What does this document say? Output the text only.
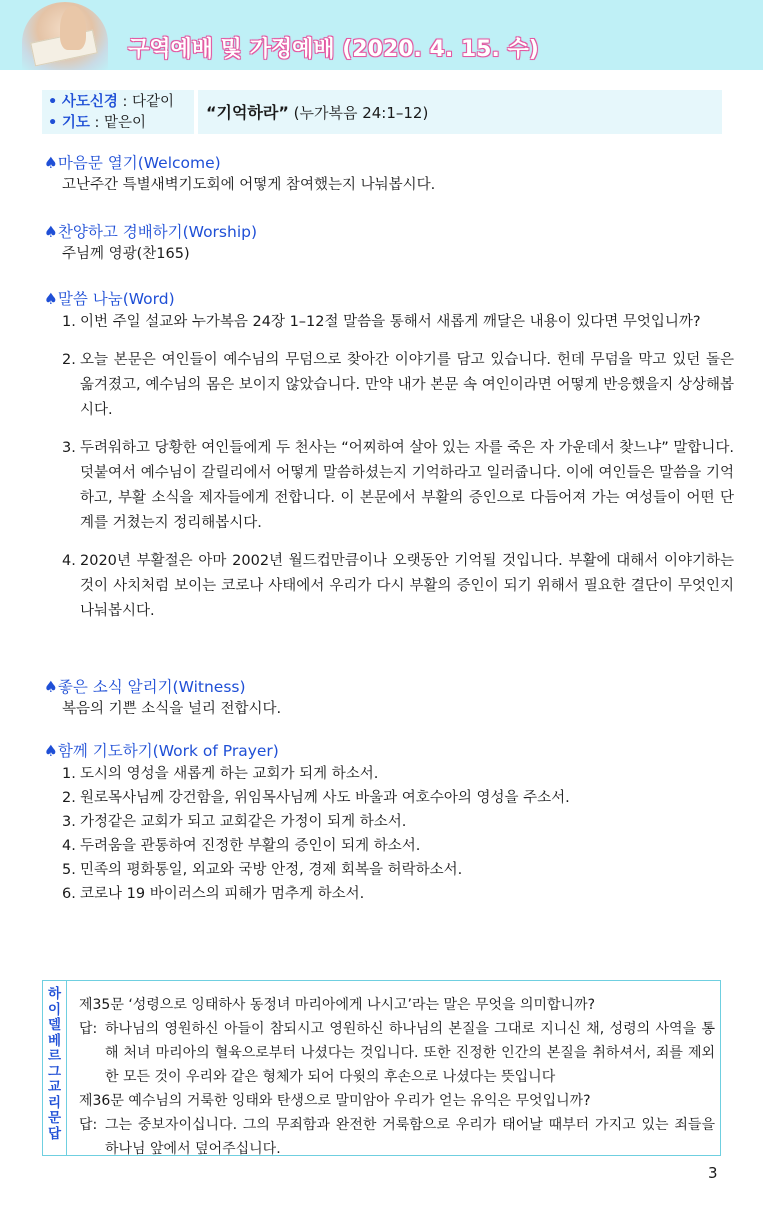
구역예배 및 가정예배 (2020. 4. 15. 수)
• 사도신경 : 다같이
• 기도 : 맡은이
“기억하라” (누가복음 24:1–12)
♠마음문 열기(Welcome)
고난주간 특별새벽기도회에 어떻게 참여했는지 나눠봅시다.
♠찬양하고 경배하기(Worship)
주님께 영광(찬165)
♠말씀 나눔(Word)
1. 이번 주일 설교와 누가복음 24장 1–12절 말씀을 통해서 새롭게 깨달은 내용이 있다면 무엇입니까?
2. 오늘 본문은 여인들이 예수님의 무덤으로 찾아간 이야기를 담고 있습니다. 헌데 무덤을 막고 있던 돌은 옮겨졌고, 예수님의 몸은 보이지 않았습니다. 만약 내가 본문 속 여인이라면 어떻게 반응했을지 상상해봅시다.
3. 두려워하고 당황한 여인들에게 두 천사는 “어찌하여 살아 있는 자를 죽은 자 가운데서 찾느냐” 말합니다. 덧붙여서 예수님이 갈릴리에서 어떻게 말씀하셨는지 기억하라고 일러줍니다. 이에 여인들은 말씀을 기억하고, 부활 소식을 제자들에게 전합니다. 이 본문에서 부활의 증인으로 다듬어져 가는 여성들이 어떤 단계를 거쳤는지 정리해봅시다.
4. 2020년 부활절은 아마 2002년 월드컵만큼이나 오랫동안 기억될 것입니다. 부활에 대해서 이야기하는 것이 사치처럼 보이는 코로나 사태에서 우리가 다시 부활의 증인이 되기 위해서 필요한 결단이 무엇인지 나눠봅시다.
♠좋은 소식 알리기(Witness)
복음의 기쁜 소식을 널리 전합시다.
♠함께 기도하기(Work of Prayer)
1. 도시의 영성을 새롭게 하는 교회가 되게 하소서.
2. 원로목사님께 강건함을, 위임목사님께 사도 바울과 여호수아의 영성을 주소서.
3. 가정같은 교회가 되고 교회같은 가정이 되게 하소서.
4. 두려움을 관통하여 진정한 부활의 증인이 되게 하소서.
5. 민족의 평화통일, 외교와 국방 안정, 경제 회복을 허락하소서.
6. 코로나 19 바이러스의 피해가 멈추게 하소서.
하
이
델
베
르
그
교
리
문
답
제35문 ‘성령으로 잉태하사 동정녀 마리아에게 나시고’라는 말은 무엇을 의미합니까?
답: 하나님의 영원하신 아들이 참되시고 영원하신 하나님의 본질을 그대로 지니신 채, 성령의 사역을 통해 처녀 마리아의 혈육으로부터 나셨다는 것입니다. 또한 진정한 인간의 본질을 취하셔서, 죄를 제외한 모든 것이 우리와 같은 형체가 되어 다윗의 후손으로 나셨다는 뜻입니다
제36문 예수님의 거룩한 잉태와 탄생으로 말미암아 우리가 얻는 유익은 무엇입니까?
답: 그는 중보자이십니다. 그의 무죄함과 완전한 거룩함으로 우리가 태어날 때부터 가지고 있는 죄들을 하나님 앞에서 덮어주십니다.
3
